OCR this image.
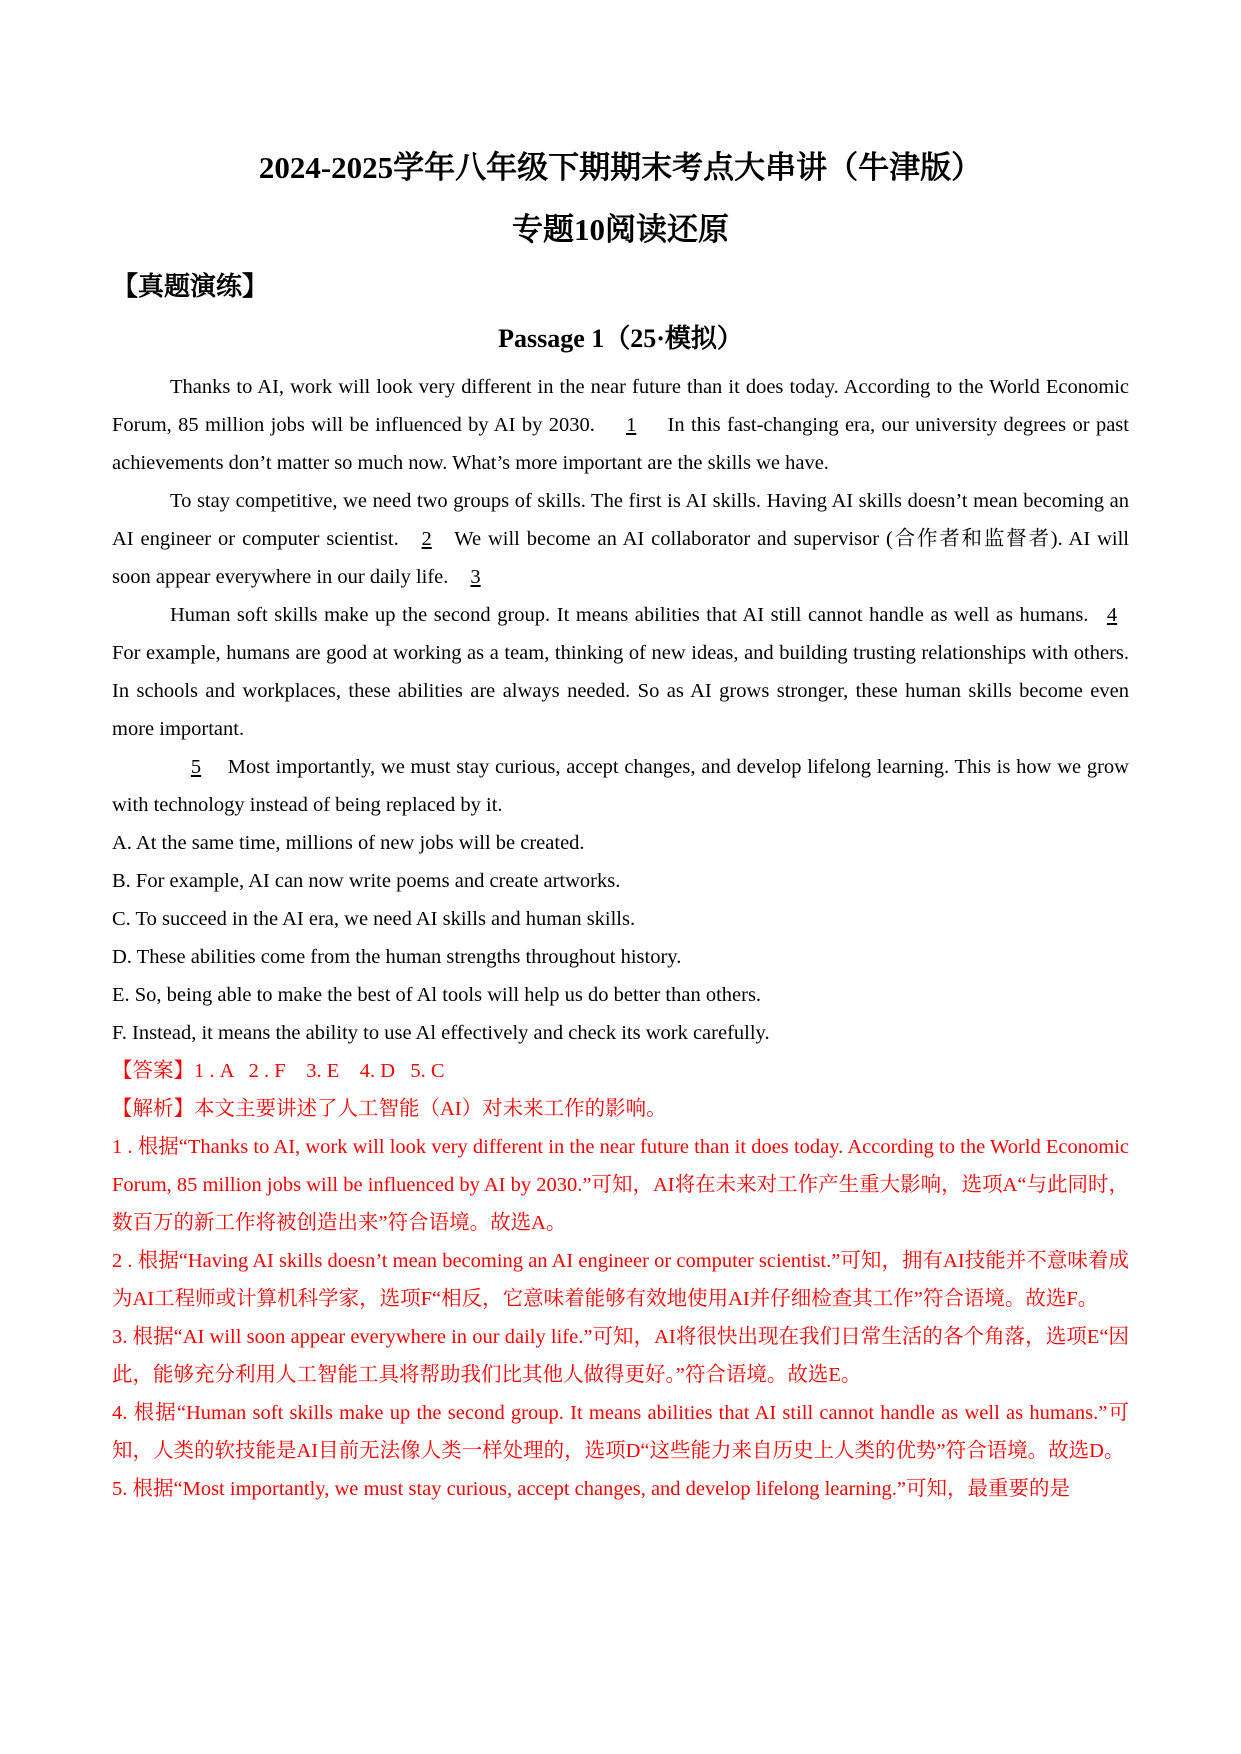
2024-2025学年八年级下期期末考点大串讲（牛津版）
专题10阅读还原
【真题演练】
Passage 1（25·模拟）

Thanks to AI, work will look very different in the near future than it does today. According to the World Economic Forum, 85 million jobs will be influenced by AI by 2030. 1 In this fast-changing era, our university degrees or past achievements don’t matter so much now. What’s more important are the skills we have.

To stay competitive, we need two groups of skills. The first is AI skills. Having AI skills doesn’t mean becoming an AI engineer or computer scientist. 2 We will become an AI collaborator and supervisor (合作者和监督者). AI will soon appear everywhere in our daily life. 3

Human soft skills make up the second group. It means abilities that AI still cannot handle as well as humans. 4 For example, humans are good at working as a team, thinking of new ideas, and building trusting relationships with others. In schools and workplaces, these abilities are always needed. So as AI grows stronger, these human skills become even more important.

5 Most importantly, we must stay curious, accept changes, and develop lifelong learning. This is how we grow with technology instead of being replaced by it.

A. At the same time, millions of new jobs will be created.

B. For example, AI can now write poems and create artworks.

C. To succeed in the AI era, we need AI skills and human skills.

D. These abilities come from the human strengths throughout history.

E. So, being able to make the best of Al tools will help us do better than others.

F. Instead, it means the ability to use Al effectively and check its work carefully.

【答案】1 . A   2 . F    3. E    4. D   5. C

【解析】本文主要讲述了人工智能（AI）对未来工作的影响。

1 . 根据“Thanks to AI, work will look very different in the near future than it does today. According to the World Economic Forum, 85 million jobs will be influenced by AI by 2030.”可知，AI将在未来对工作产生重大影响，选项A“与此同时，数百万的新工作将被创造出来”符合语境。故选A。

2 . 根据“Having AI skills doesn’t mean becoming an AI engineer or computer scientist.”可知，拥有AI技能并不意味着成为AI工程师或计算机科学家，选项F“相反，它意味着能够有效地使用AI并仔细检查其工作”符合语境。故选F。

3. 根据“AI will soon appear everywhere in our daily life.”可知，AI将很快出现在我们日常生活的各个角落，选项E“因此，能够充分利用人工智能工具将帮助我们比其他人做得更好。”符合语境。故选E。

4. 根据“Human soft skills make up the second group. It means abilities that AI still cannot handle as well as humans.”可知，人类的软技能是AI目前无法像人类一样处理的，选项D“这些能力来自历史上人类的优势”符合语境。故选D。

5. 根据“Most importantly, we must stay curious, accept changes, and develop lifelong learning.”可知，最重要的是
